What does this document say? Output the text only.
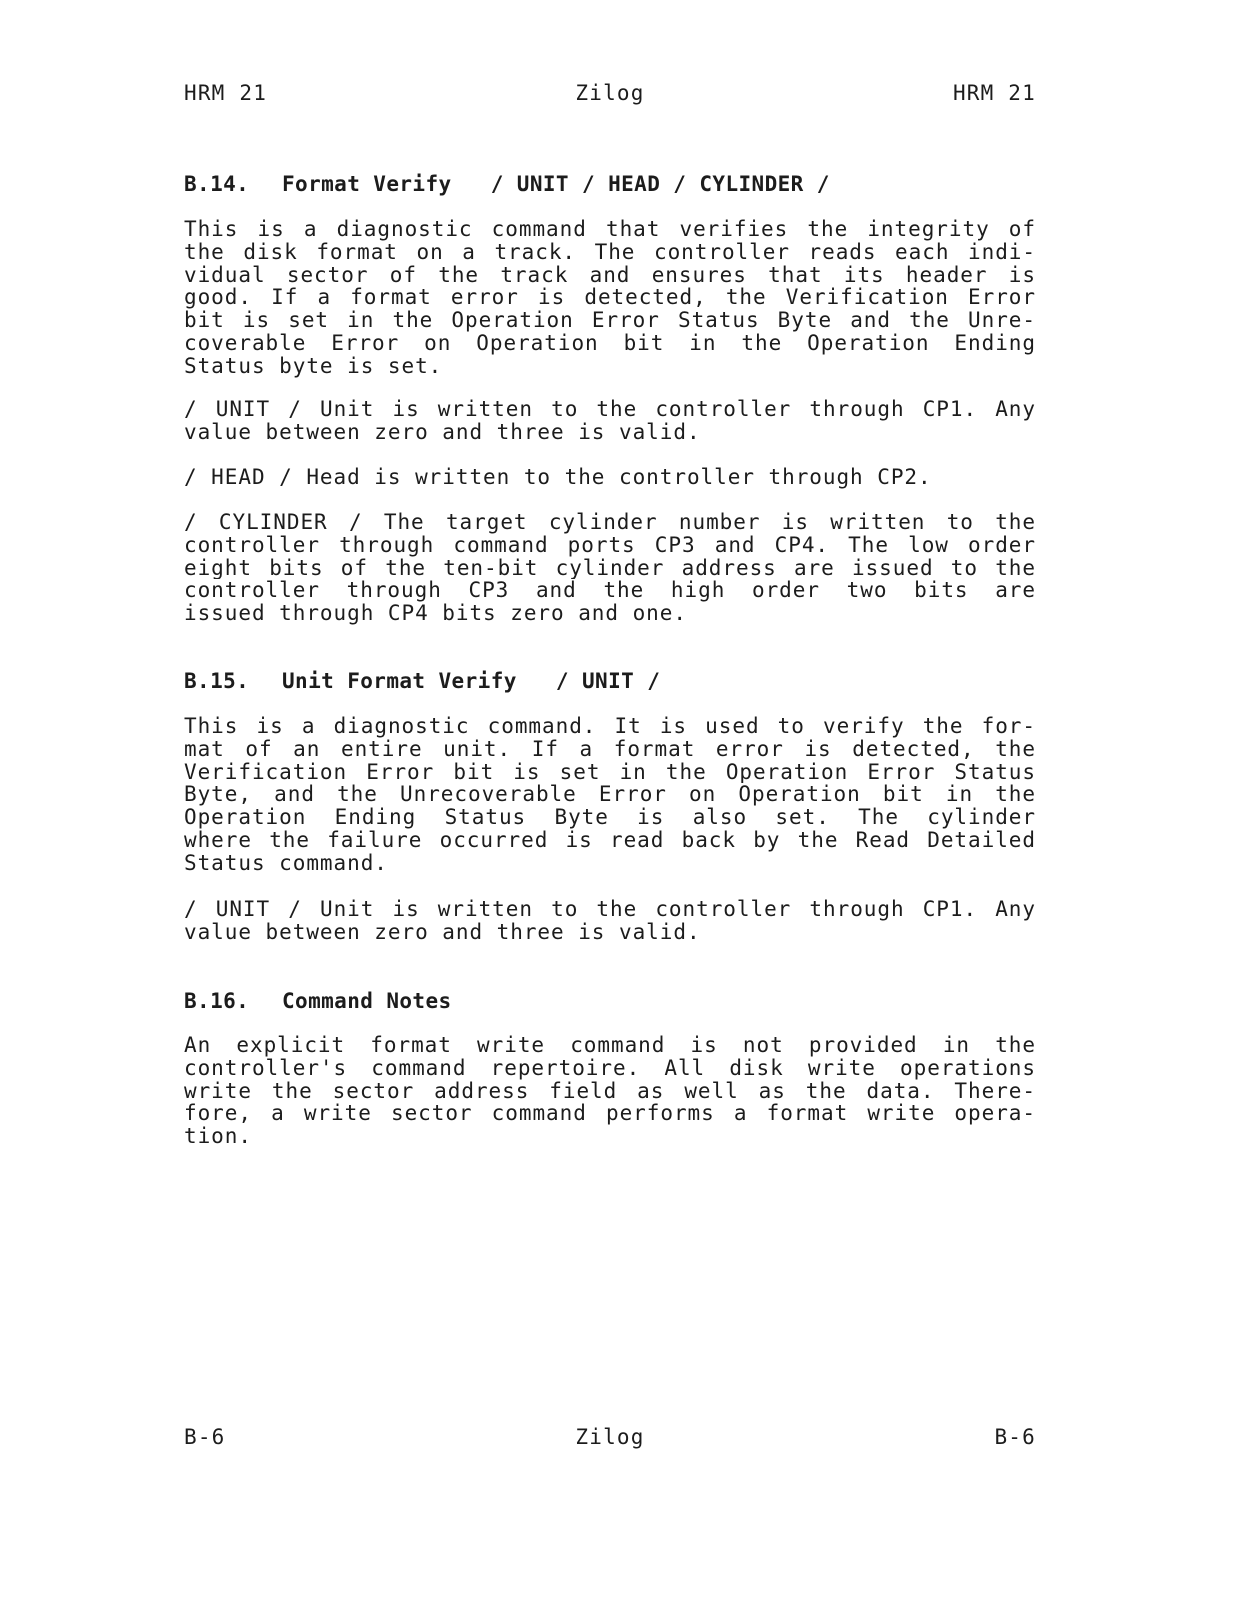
HRM 21	Zilog	HRM 21
B.14. Format Verify   / UNIT / HEAD / CYLINDER /
This is a diagnostic command that verifies the integrity of
the disk format on a track. The controller reads each indi-
vidual sector of the track and ensures that its header is
good. If a format error is detected, the Verification Error
bit is set in the Operation Error Status Byte and the Unre-
coverable Error on Operation bit in the Operation Ending
Status byte is set.
/ UNIT / Unit is written to the controller through CP1. Any
value between zero and three is valid.
/ HEAD / Head is written to the controller through CP2.
/ CYLINDER / The target cylinder number is written to the
controller through command ports CP3 and CP4. The low order
eight bits of the ten-bit cylinder address are issued to the
controller through CP3 and the high order two bits are
issued through CP4 bits zero and one.
B.15. Unit Format Verify   / UNIT /
This is a diagnostic command. It is used to verify the for-
mat of an entire unit. If a format error is detected, the
Verification Error bit is set in the Operation Error Status
Byte, and the Unrecoverable Error on Operation bit in the
Operation Ending Status Byte is also set. The cylinder
where the failure occurred is read back by the Read Detailed
Status command.
/ UNIT / Unit is written to the controller through CP1. Any
value between zero and three is valid.
B.16. Command Notes
An explicit format write command is not provided in the
controller's command repertoire. All disk write operations
write the sector address field as well as the data. There-
fore, a write sector command performs a format write opera-
tion.
B-6	Zilog	B-6
